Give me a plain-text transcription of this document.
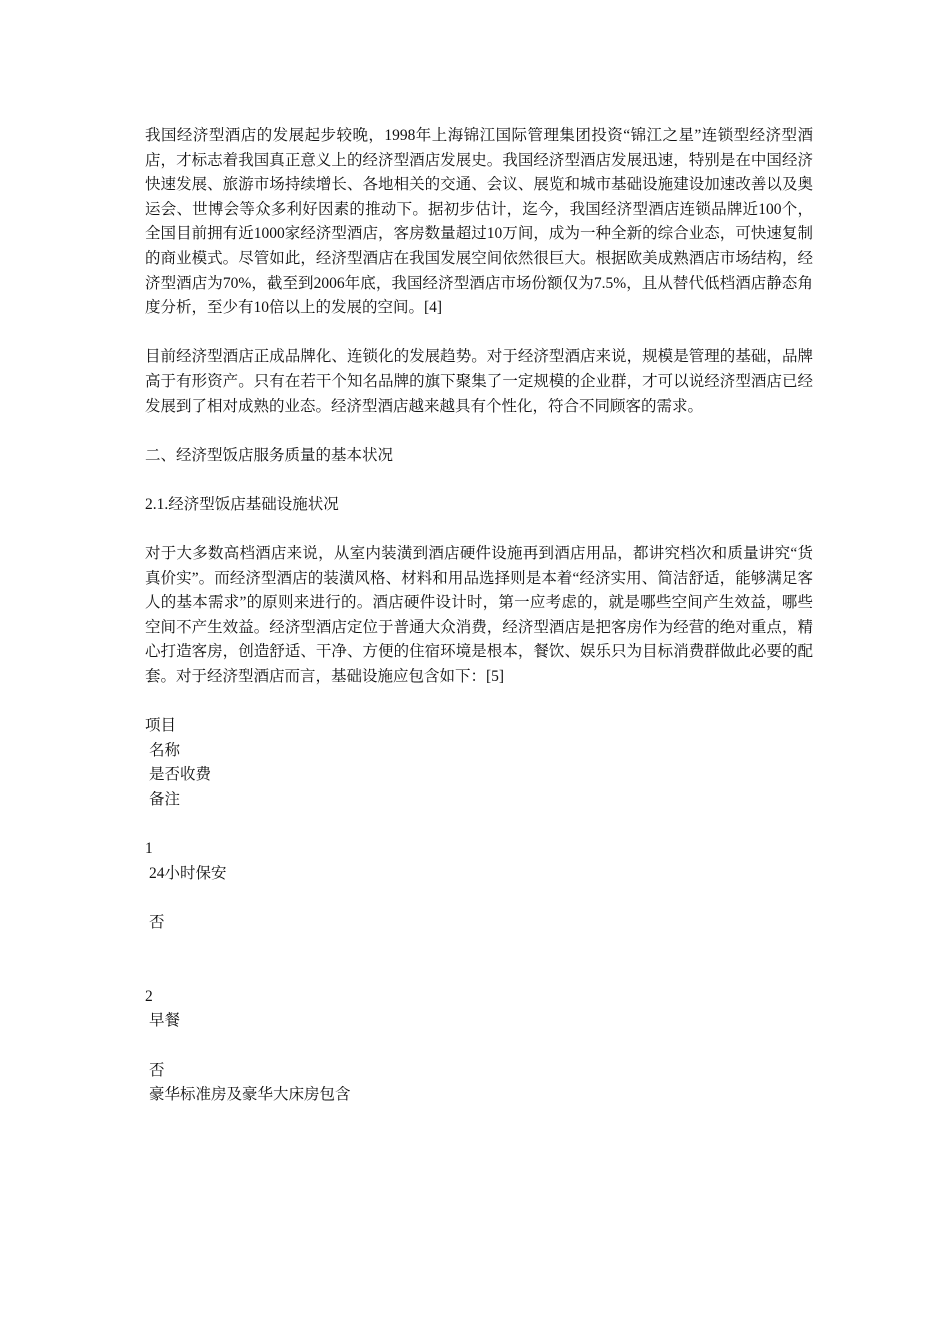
我国经济型酒店的发展起步较晚，1998年上海锦江国际管理集团投资“锦江之星”连锁型经济型酒店，才标志着我国真正意义上的经济型酒店发展史。我国经济型酒店发展迅速，特别是在中国经济快速发展、旅游市场持续增长、各地相关的交通、会议、展览和城市基础设施建设加速改善以及奥运会、世博会等众多利好因素的推动下。据初步估计，迄今，我国经济型酒店连锁品牌近100个，全国目前拥有近1000家经济型酒店，客房数量超过10万间，成为一种全新的综合业态，可快速复制的商业模式。尽管如此，经济型酒店在我国发展空间依然很巨大。根据欧美成熟酒店市场结构，经济型酒店为70%，截至到2006年底，我国经济型酒店市场份额仅为7.5%，且从替代低档酒店静态角度分析，至少有10倍以上的发展的空间。[4]

目前经济型酒店正成品牌化、连锁化的发展趋势。对于经济型酒店来说，规模是管理的基础，品牌高于有形资产。只有在若干个知名品牌的旗下聚集了一定规模的企业群，才可以说经济型酒店已经发展到了相对成熟的业态。经济型酒店越来越具有个性化，符合不同顾客的需求。

二、经济型饭店服务质量的基本状况

2.1.经济型饭店基础设施状况

对于大多数高档酒店来说，从室内装潢到酒店硬件设施再到酒店用品，都讲究档次和质量讲究“货真价实”。而经济型酒店的装潢风格、材料和用品选择则是本着“经济实用、简洁舒适，能够满足客人的基本需求”的原则来进行的。酒店硬件设计时，第一应考虑的，就是哪些空间产生效益，哪些空间不产生效益。经济型酒店定位于普通大众消费，经济型酒店是把客房作为经营的绝对重点，精心打造客房，创造舒适、干净、方便的住宿环境是根本，餐饮、娱乐只为目标消费群做此必要的配套。对于经济型酒店而言，基础设施应包含如下：[5]

项目
名称
是否收费
备注
1
24小时保安
否
2
早餐
否
豪华标准房及豪华大床房包含
